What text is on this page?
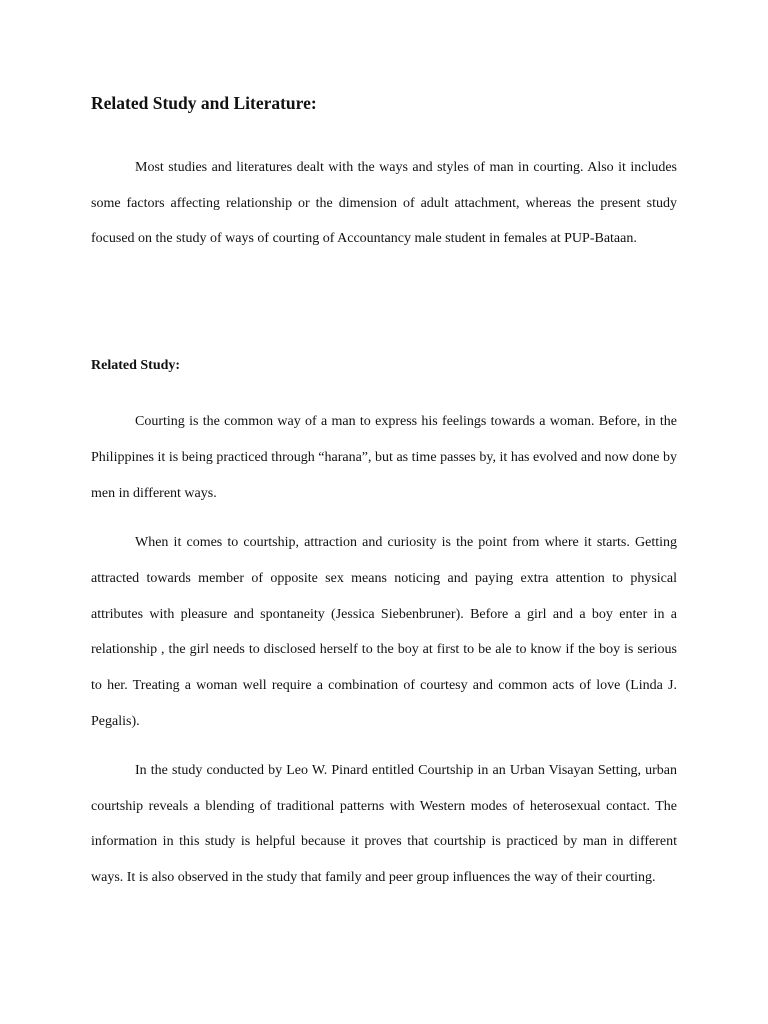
Related Study and Literature:

Most studies and literatures dealt with the ways and styles of man in courting. Also it includes some factors affecting relationship or the dimension of adult attachment, whereas the present study focused on the study of ways of courting of Accountancy male student in females at PUP-Bataan.

Related Study:

Courting is the common way of a man to express his feelings towards a woman. Before, in the Philippines it is being practiced through “harana”, but as time passes by, it has evolved and now done by men in different ways.

When it comes to courtship, attraction and curiosity is the point from where it starts. Getting attracted towards member of opposite sex means noticing and paying extra attention to physical attributes with pleasure and spontaneity (Jessica Siebenbruner). Before a girl and a boy enter in a relationship , the girl needs to disclosed herself to the boy at first to be ale to know if the boy is serious to her. Treating a woman well require a combination of courtesy and common acts of love (Linda J. Pegalis).

In the study conducted by Leo W. Pinard entitled Courtship in an Urban Visayan Setting, urban courtship reveals a blending of traditional patterns with Western modes of heterosexual contact. The information in this study is helpful because it proves that courtship is practiced by man in different ways. It is also observed in the study that family and peer group influences the way of their courting.
